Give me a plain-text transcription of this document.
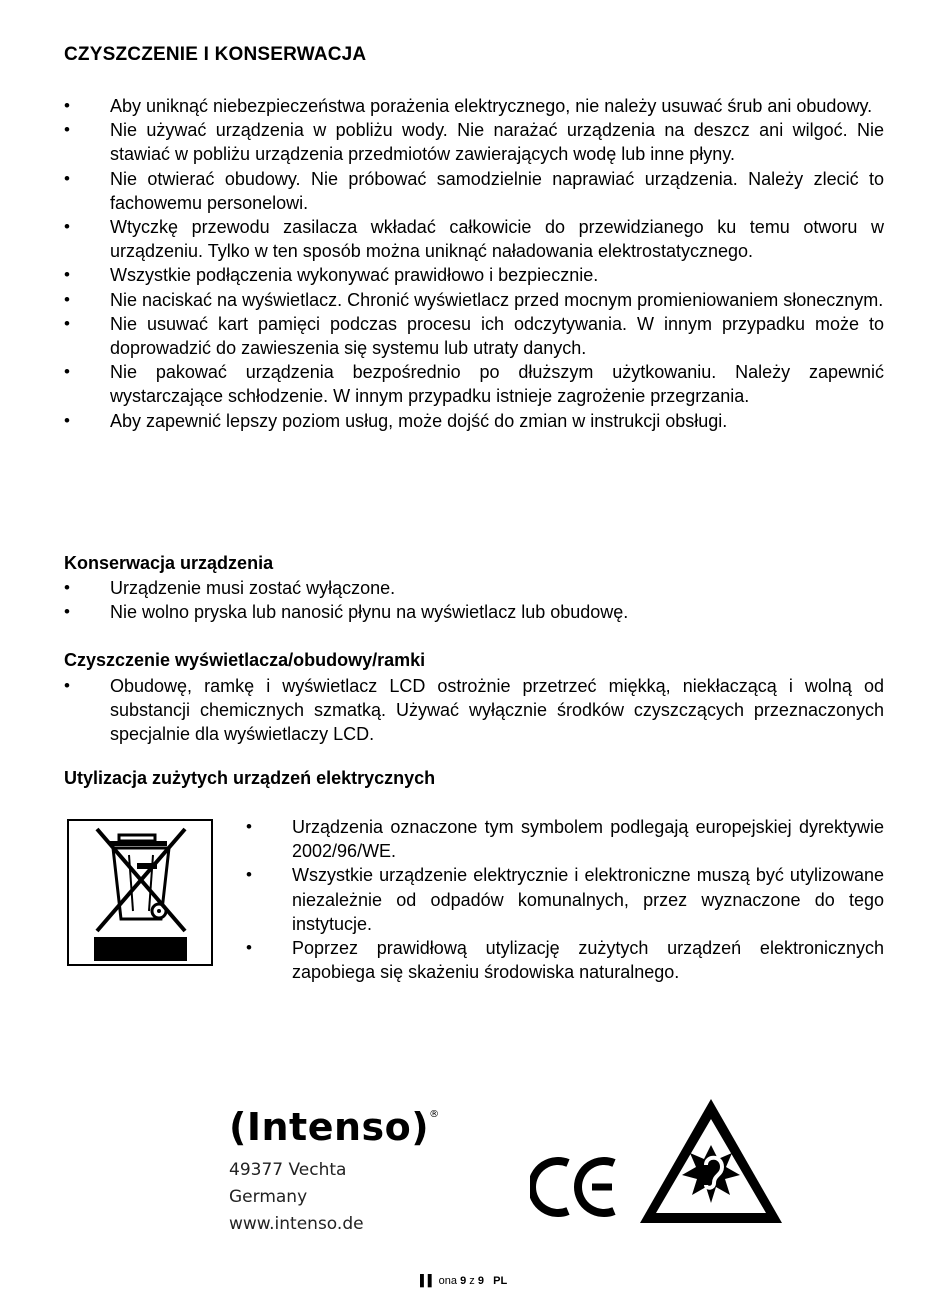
CZYSZCZENIE I KONSERWACJA
• Aby uniknąć niebezpieczeństwa porażenia elektrycznego, nie należy usuwać śrub ani obudowy.
• Nie używać urządzenia w pobliżu wody. Nie narażać urządzenia na deszcz ani wilgoć. Nie stawiać w pobliżu urządzenia przedmiotów zawierających wodę lub inne płyny.
• Nie otwierać obudowy. Nie próbować samodzielnie naprawiać urządzenia. Należy zlecić to fachowemu personelowi.
• Wtyczkę przewodu zasilacza wkładać całkowicie do przewidzianego ku temu otworu w urządzeniu. Tylko w ten sposób można uniknąć naładowania elektrostatycznego.
• Wszystkie podłączenia wykonywać prawidłowo i bezpiecznie.
• Nie naciskać na wyświetlacz. Chronić wyświetlacz przed mocnym promieniowaniem słonecznym.
• Nie usuwać kart pamięci podczas procesu ich odczytywania. W innym przypadku może to doprowadzić do zawieszenia się systemu lub utraty danych.
• Nie pakować urządzenia bezpośrednio po dłuższym użytkowaniu. Należy zapewnić wystarczające schłodzenie. W innym przypadku istnieje zagrożenie przegrzania.
• Aby zapewnić lepszy poziom usług, może dojść do zmian w instrukcji obsługi.
Konserwacja urządzenia
• Urządzenie musi zostać wyłączone.
• Nie wolno pryska lub nanosić płynu na wyświetlacz lub obudowę.
Czyszczenie wyświetlacza/obudowy/ramki
• Obudowę, ramkę i wyświetlacz LCD ostrożnie przetrzeć miękką, niekłaczącą i wolną od substancji chemicznych szmatką. Używać wyłącznie środków czyszczących przeznaczonych specjalnie dla wyświetlaczy LCD.
Utylizacja zużytych urządzeń elektrycznych
• Urządzenia oznaczone tym symbolem podlegają europejskiej dyrektywie 2002/96/WE.
• Wszystkie urządzenie elektrycznie i elektroniczne muszą być utylizowane niezależnie od odpadów komunalnych, przez wyznaczone do tego instytucje.
• Poprzez prawidłową utylizację zużytych urządzeń elektronicznych zapobiega się skażeniu środowiska naturalnego.
(Intenso)®
49377 Vechta
Germany
www.intenso.de
▌▌ ona 9 z 9 PL
